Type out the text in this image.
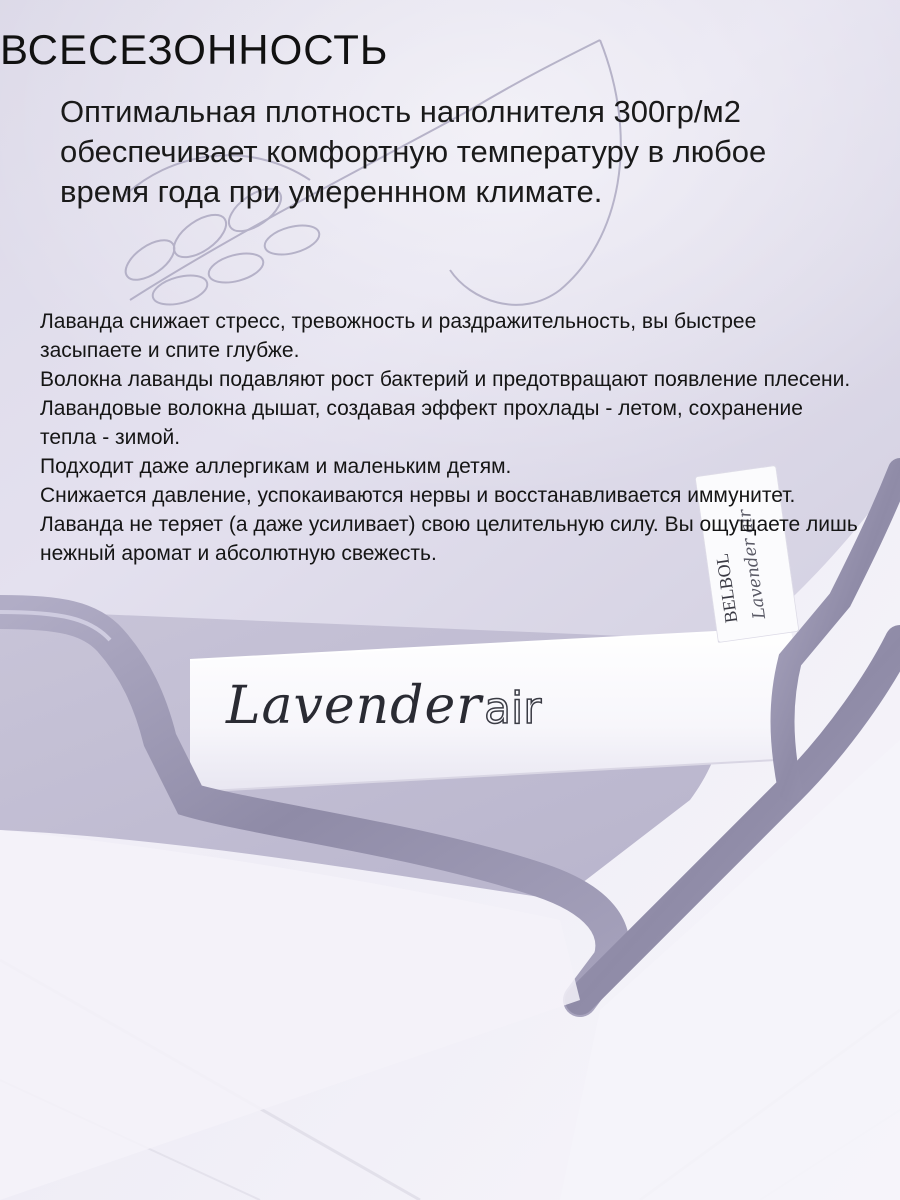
BELBOL
Lavender air
Lavenderair
ВСЕСЕЗОННОСТЬ
Оптимальная плотность наполнителя 300гр/м2 обеспечивает комфортную температуру в любое время года при умереннном климате.

Лаванда снижает стресс, тревожность и раздражительность, вы быстрее засыпаете и спите глубже.

Волокна лаванды подавляют рост бактерий и предотвращают появление плесени.

Лавандовые волокна дышат, создавая эффект прохлады - летом, сохранение тепла - зимой.

Подходит даже аллергикам и маленьким детям.

Снижается давление, успокаиваются нервы и восстанавливается иммунитет.

Лаванда не теряет (а даже усиливает) свою целительную силу. Вы ощущаете лишь нежный аромат и абсолютную свежесть.
